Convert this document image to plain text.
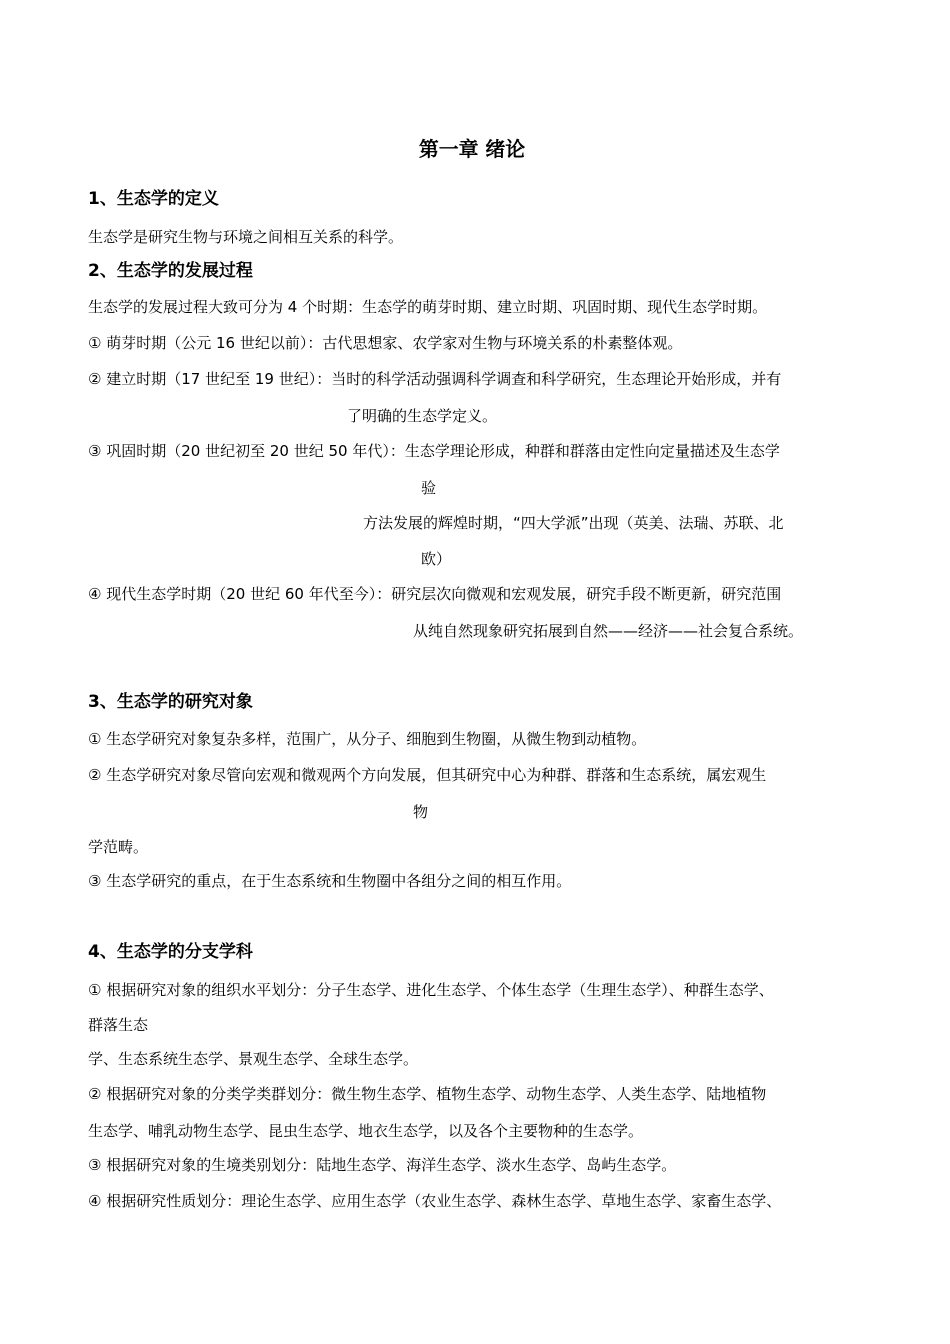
第一章 绪论
1、生态学的定义
生态学是研究生物与环境之间相互关系的科学。
2、生态学的发展过程
生态学的发展过程大致可分为 4 个时期：生态学的萌芽时期、建立时期、巩固时期、现代生态学时期。
① 萌芽时期（公元 16 世纪以前）：古代思想家、农学家对生物与环境关系的朴素整体观。
② 建立时期（17 世纪至 19 世纪）：当时的科学活动强调科学调查和科学研究，生态理论开始形成，并有
了明确的生态学定义。
③ 巩固时期（20 世纪初至 20 世纪 50 年代）：生态学理论形成，种群和群落由定性向定量描述及生态学
验
方法发展的辉煌时期，“四大学派”出现（英美、法瑞、苏联、北
欧）
④ 现代生态学时期（20 世纪 60 年代至今）：研究层次向微观和宏观发展，研究手段不断更新，研究范围
从纯自然现象研究拓展到自然——经济——社会复合系统。
3、生态学的研究对象
① 生态学研究对象复杂多样，范围广，从分子、细胞到生物圈，从微生物到动植物。
② 生态学研究对象尽管向宏观和微观两个方向发展，但其研究中心为种群、群落和生态系统，属宏观生
物
学范畴。
③ 生态学研究的重点，在于生态系统和生物圈中各组分之间的相互作用。
4、生态学的分支学科
① 根据研究对象的组织水平划分：分子生态学、进化生态学、个体生态学（生理生态学）、种群生态学、
群落生态
学、生态系统生态学、景观生态学、全球生态学。
② 根据研究对象的分类学类群划分：微生物生态学、植物生态学、动物生态学、人类生态学、陆地植物
生态学、哺乳动物生态学、昆虫生态学、地衣生态学，以及各个主要物种的生态学。
③ 根据研究对象的生境类别划分：陆地生态学、海洋生态学、淡水生态学、岛屿生态学。
④ 根据研究性质划分：理论生态学、应用生态学（农业生态学、森林生态学、草地生态学、家畜生态学、
